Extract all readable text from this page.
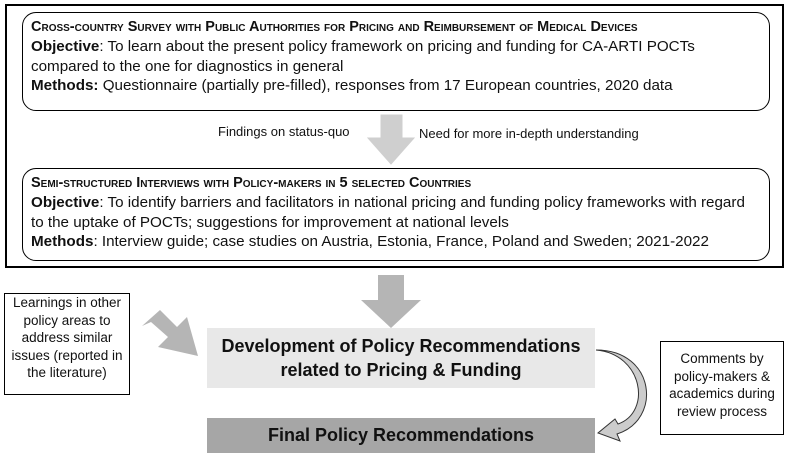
Cross-country Survey with Public Authorities for Pricing and Reimbursement of Medical Devices
Objective: To learn about the present policy framework on pricing and funding for CA-ARTI POCTs compared to the one for diagnostics in general
Methods: Questionnaire (partially pre-filled), responses from 17 European countries, 2020 data
Findings on status-quo	Need for more in-depth understanding
Semi-structured Interviews with Policy-makers in 5 selected Countries
Objective: To identify barriers and facilitators in national pricing and funding policy frameworks with regard to the uptake of POCTs; suggestions for improvement at national levels
Methods: Interview guide; case studies on Austria, Estonia, France, Poland and Sweden; 2021-2022
Learnings in other policy areas to address similar issues (reported in the literature)
Comments by policy-makers & academics during review process
Development of Policy Recommendations related to Pricing & Funding
Final Policy Recommendations
